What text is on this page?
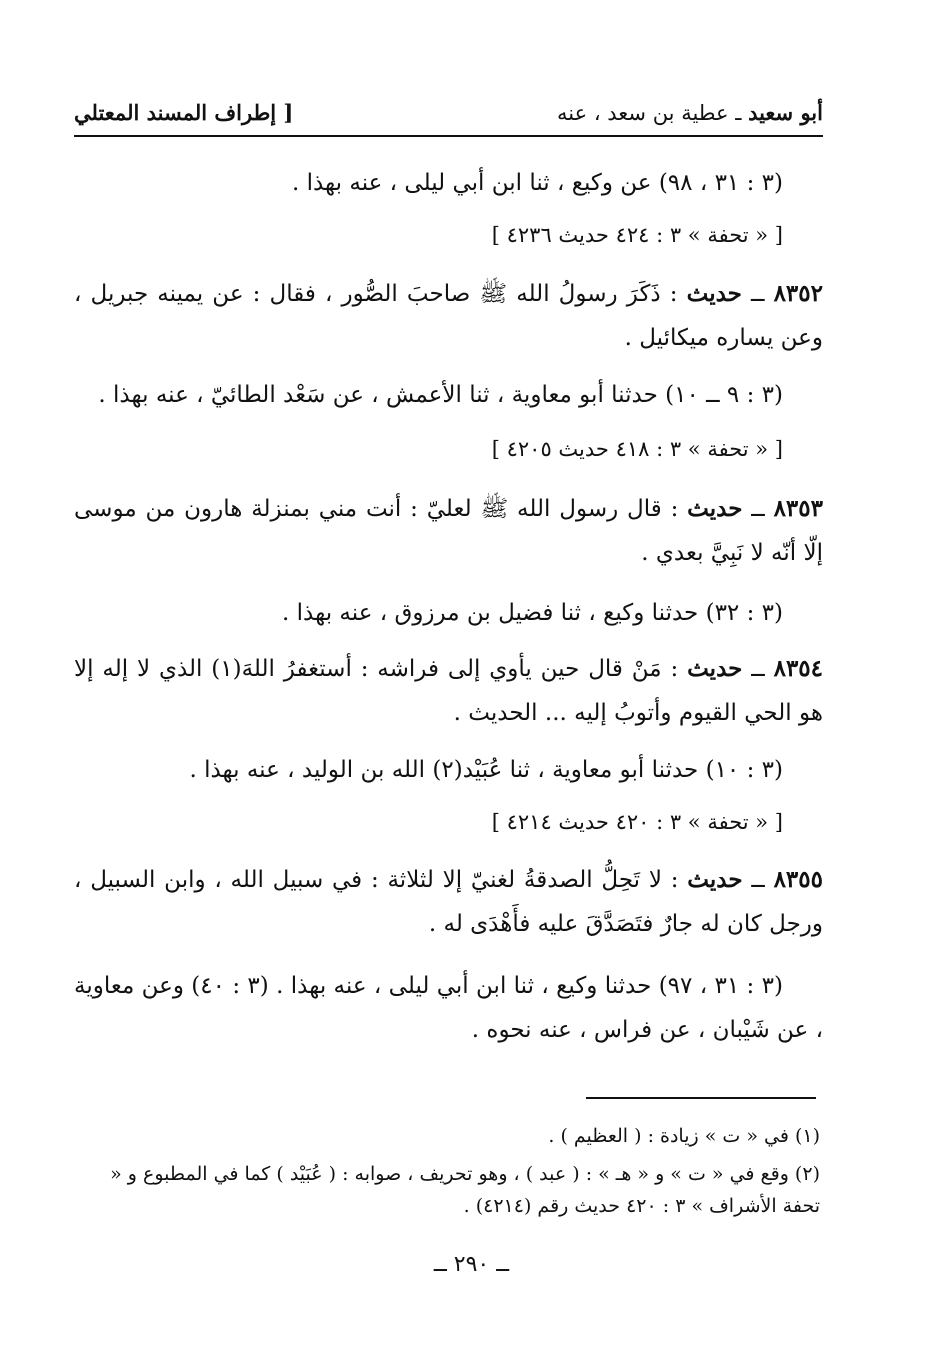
أبو سعيد ـ عطية بن سعد ، عنه
[ إطراف المسند المعتلي
(٣ : ٣١ ، ٩٨) عن وكيع ، ثنا ابن أبي ليلى ، عنه بهذا .
[ « تحفة » ٣ : ٤٢٤ حديث ٤٢٣٦ ]
٨٣٥٢ ــ حديث : ذَكَرَ رسولُ الله ﷺ صاحبَ الصُّور ، فقال : عن يمينه جبريل ، وعن يساره ميكائيل .
(٣ : ٩ ــ ١٠) حدثنا أبو معاوية ، ثنا الأعمش ، عن سَعْد الطائيّ ، عنه بهذا .
[ « تحفة » ٣ : ٤١٨ حديث ٤٢٠٥ ]
٨٣٥٣ ــ حديث : قال رسول الله ﷺ لعليّ : أنت مني بمنزلة هارون من موسى إلّا أنّه لا نَبِيَّ بعدي .
(٣ : ٣٢) حدثنا وكيع ، ثنا فضيل بن مرزوق ، عنه بهذا .
٨٣٥٤ ــ حديث : مَنْ قال حين يأوي إلى فراشه : أستغفرُ اللهَ(١) الذي لا إله إلا هو الحي القيوم وأتوبُ إليه ... الحديث .
(٣ : ١٠) حدثنا أبو معاوية ، ثنا عُبَيْد(٢) الله بن الوليد ، عنه بهذا .
[ « تحفة » ٣ : ٤٢٠ حديث ٤٢١٤ ]
٨٣٥٥ ــ حديث : لا تَحِلُّ الصدقةُ لغنيّ إلا لثلاثة : في سبيل الله ، وابن السبيل ، ورجل كان له جارٌ فتَصَدَّقَ عليه فأَهْدَى له .
(٣ : ٣١ ، ٩٧) حدثنا وكيع ، ثنا ابن أبي ليلى ، عنه بهذا . (٣ : ٤٠) وعن معاوية ، عن شَيْبان ، عن فراس ، عنه نحوه .
(١) في « ت » زيادة : ( العظيم ) .
(٢) وقع في « ت » و « هـ » : ( عبد ) ، وهو تحريف ، صوابه : ( عُبَيْد ) كما في المطبوع و « تحفة الأشراف » ٣ : ٤٢٠ حديث رقم (٤٢١٤) .
ــ ٢٩٠ ــ
